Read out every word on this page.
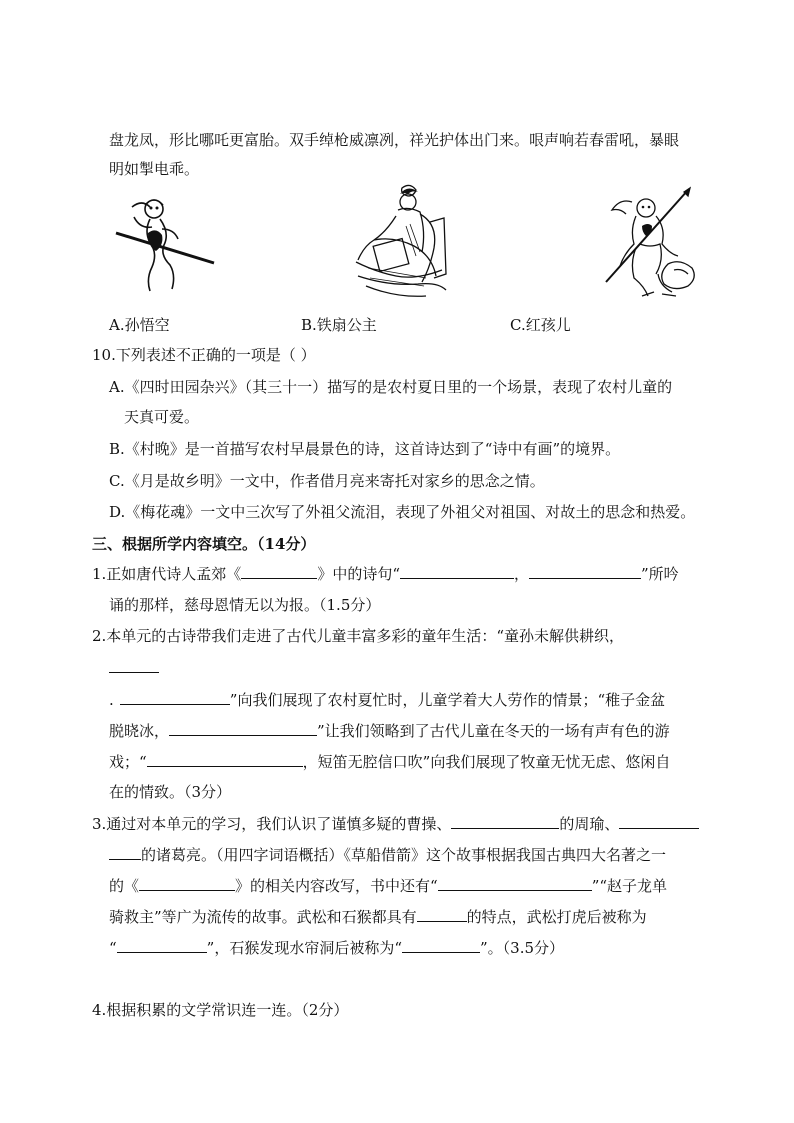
盘龙凤，形比哪吒更富胎。双手绰枪威凛冽，祥光护体出门来。哏声响若春雷吼，暴眼
明如掣电乖。
A.孙悟空	B.铁扇公主	C.红孩儿
10.下列表述不正确的一项是（ ）
A.《四时田园杂兴》（其三十一）描写的是农村夏日里的一个场景，表现了农村儿童的
天真可爱。
B.《村晚》是一首描写农村早晨景色的诗，这首诗达到了“诗中有画”的境界。
C.《月是故乡明》一文中，作者借月亮来寄托对家乡的思念之情。
D.《梅花魂》一文中三次写了外祖父流泪，表现了外祖父对祖国、对故土的思念和热爱。
三、根据所学内容填空。（14分）
1.正如唐代诗人孟郊《	》中的诗句“	，	”所吟
诵的那样，慈母恩情无以为报。（1.5分）
2.本单元的古诗带我们走进了古代儿童丰富多彩的童年生活：“童孙未解供耕织，
.	”向我们展现了农村夏忙时，儿童学着大人劳作的情景；“稚子金盆
脱晓冰，	”让我们领略到了古代儿童在冬天的一场有声有色的游
戏；“	，短笛无腔信口吹”向我们展现了牧童无忧无虑、悠闲自
在的情致。（3分）
3.通过对本单元的学习，我们认识了谨慎多疑的曹操、	的周瑜、
的诸葛亮。（用四字词语概括）《草船借箭》这个故事根据我国古典四大名著之一
的《	》的相关内容改写，书中还有“	”“赵子龙单
骑救主”等广为流传的故事。武松和石猴都具有	的特点，武松打虎后被称为
“	”，石猴发现水帘洞后被称为“	”。（3.5分）
4.根据积累的文学常识连一连。（2分）
